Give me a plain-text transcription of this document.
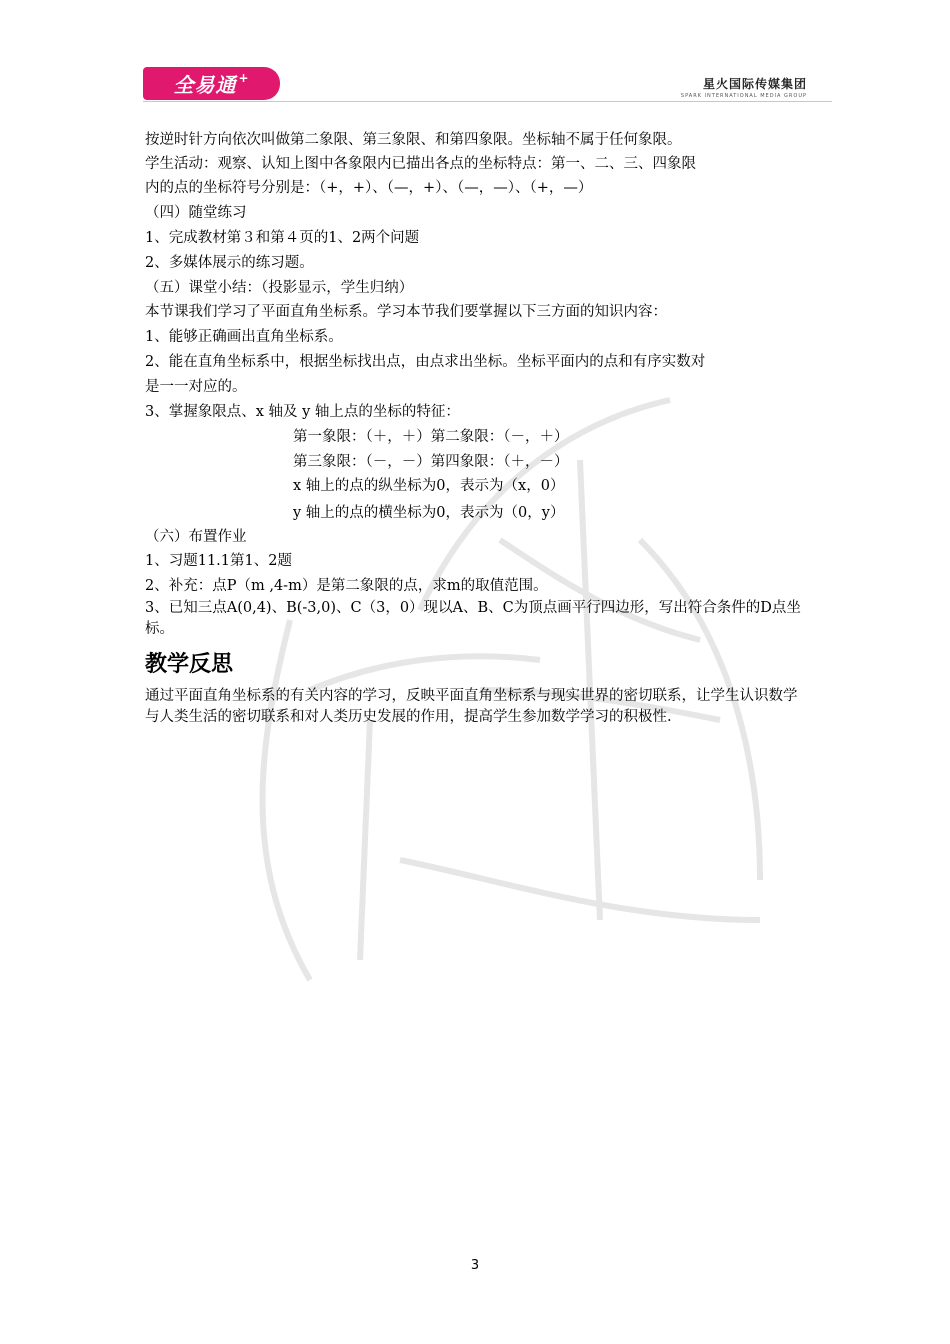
全易通 +	星火国际传媒集团
SPARK INTERNATIONAL MEDIA GROUP
按逆时针方向依次叫做第二象限、第三象限、和第四象限。坐标轴不属于任何象限。
学生活动：观察、认知上图中各象限内已描出各点的坐标特点：第一、二、三、四象限
内的点的坐标符号分别是：（+，+）、（—，+）、（—，—）、（+，—）
（四）随堂练习
1、完成教材第３和第４页的1、2两个问题
2、多媒体展示的练习题。
（五）课堂小结：（投影显示，学生归纳）
本节课我们学习了平面直角坐标系。学习本节我们要掌握以下三方面的知识内容：
1、能够正确画出直角坐标系。
2、能在直角坐标系中，根据坐标找出点，由点求出坐标。坐标平面内的点和有序实数对
是一一对应的。
3、掌握象限点、x 轴及 y 轴上点的坐标的特征：
第一象限：（＋，＋）第二象限：（－，＋）
第三象限：（－，－）第四象限：（＋，－）
x 轴上的点的纵坐标为0，表示为（x，0）
y 轴上的点的横坐标为0，表示为（0，y）
（六）布置作业
1、习题11.1第1、2题
2、补充：点P（m ,4-m）是第二象限的点，求m的取值范围。
3、已知三点A(0,4)、B(-3,0)、C（3，0）现以A、B、C为顶点画平行四边形，写出符合条件的D点坐标。
教学反思
通过平面直角坐标系的有关内容的学习，反映平面直角坐标系与现实世界的密切联系，让学生认识数学与人类生活的密切联系和对人类历史发展的作用，提高学生参加数学学习的积极性.
3
